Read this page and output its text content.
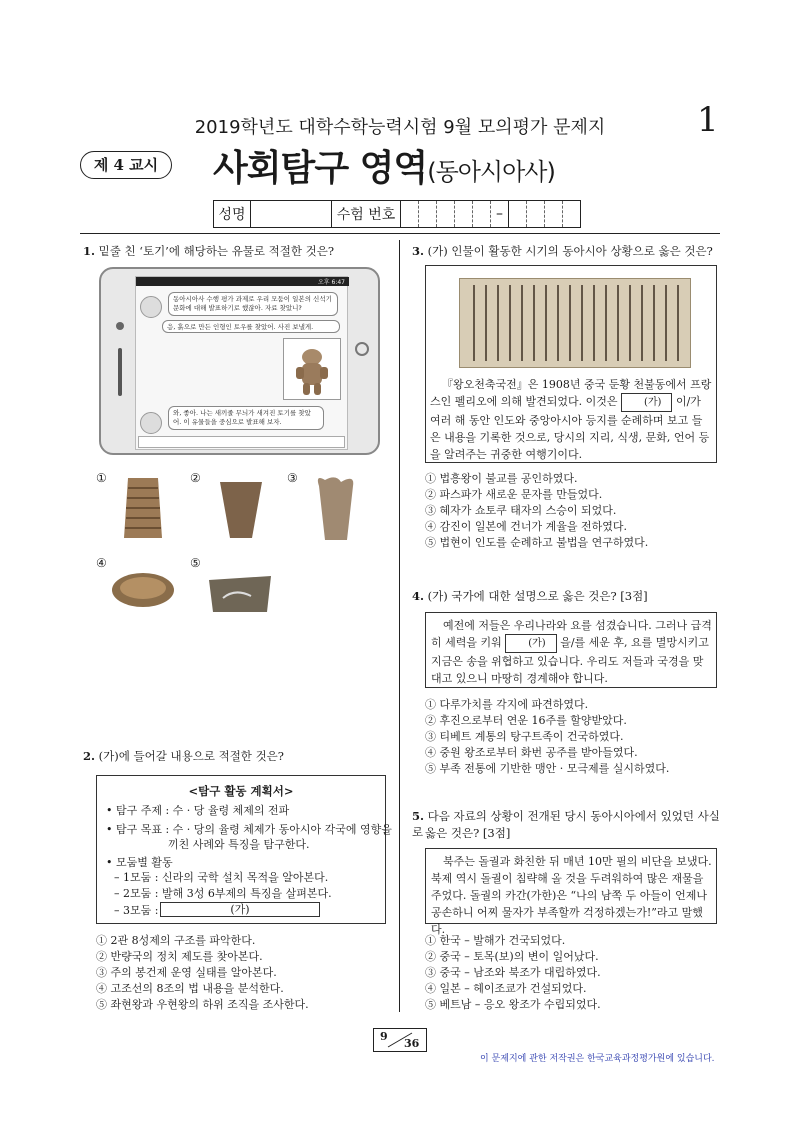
2019학년도 대학수학능력시험 9월 모의평가 문제지	1
제 4 교시	사회탐구 영역(동아시아사)
성명	수험 번호	–
1. 밑줄 친 ‘토기’에 해당하는 유물로 적절한 것은?
오후 6:47
동아시아사 수행 평가 과제로 우리 모둠이 일본의 신석기 문화에 대해 발표하기로 했잖아. 자료 찾았니?
응, 흙으로 만든 인형인 토우를 찾았어. 사진 보낼게.
와, 좋아. 나는 새끼줄 무늬가 새겨진 토기를 찾았어. 이 유물들을 중심으로 발표해 보자.
①	②	③
④	⑤
2. (가)에 들어갈 내용으로 적절한 것은?
<탐구 활동 계획서>
• 탐구 주제 : 수 · 당 율령 체제의 전파
• 탐구 목표 : 수 · 당의 율령 체제가 동아시아 각국에 영향을
끼친 사례와 특징을 탐구한다.
• 모둠별 활동
– 1모둠 : 신라의 국학 설치 목적을 알아본다.
– 2모둠 : 발해 3성 6부제의 특징을 살펴본다.
– 3모둠 :	(가)
① 2관 8성제의 구조를 파악한다.
② 반량국의 정치 제도를 찾아본다.
③ 주의 봉건제 운영 실태를 알아본다.
④ 고조선의 8조의 법 내용을 분석한다.
⑤ 좌현왕과 우현왕의 하위 조직을 조사한다.
3. (가) 인물이 활동한 시기의 동아시아 상황으로 옳은 것은?
『왕오천축국전』은 1908년 중국 둔황 천불동에서 프랑스인 펠리오에 의해 발견되었다. 이것은	(가) 이/가 여러 해 동안 인도와 중앙아시아 등지를 순례하며 보고 들은 내용을 기록한 것으로, 당시의 지리, 식생, 문화, 언어 등을 알려주는 귀중한 여행기이다.
① 법흥왕이 불교를 공인하였다.
② 파스파가 새로운 문자를 만들었다.
③ 혜자가 쇼토쿠 태자의 스승이 되었다.
④ 감진이 일본에 건너가 계율을 전하였다.
⑤ 법현이 인도를 순례하고 불법을 연구하였다.
4. (가) 국가에 대한 설명으로 옳은 것은? [3점]
예전에 저들은 우리나라와 요를 섬겼습니다. 그러나 급격히 세력을 키워	(가) 을/를 세운 후, 요를 멸망시키고 지금은 송을 위협하고 있습니다. 우리도 저들과 국경을 맞대고 있으니 마땅히 경계해야 합니다.
① 다루가치를 각지에 파견하였다.
② 후진으로부터 연운 16주를 할양받았다.
③ 티베트 계통의 탕구트족이 건국하였다.
④ 중원 왕조로부터 화번 공주를 받아들였다.
⑤ 부족 전통에 기반한 맹안 · 모극제를 실시하였다.
5. 다음 자료의 상황이 전개된 당시 동아시아에서 있었던 사실로 옳은 것은? [3점]
북주는 돌궐과 화친한 뒤 매년 10만 필의 비단을 보냈다. 북제 역시 돌궐이 침략해 올 것을 두려워하여 많은 재물을 주었다. 돌궐의 카간(가한)은 “나의 남쪽 두 아들이 언제나 공손하니 어찌 물자가 부족할까 걱정하겠는가!”라고 말했다.
① 한국 – 발해가 건국되었다.
② 중국 – 토목(보)의 변이 일어났다.
③ 중국 – 남조와 북조가 대립하였다.
④ 일본 – 헤이조쿄가 건설되었다.
⑤ 베트남 – 응오 왕조가 수립되었다.
9
36
이 문제지에 관한 저작권은 한국교육과정평가원에 있습니다.
